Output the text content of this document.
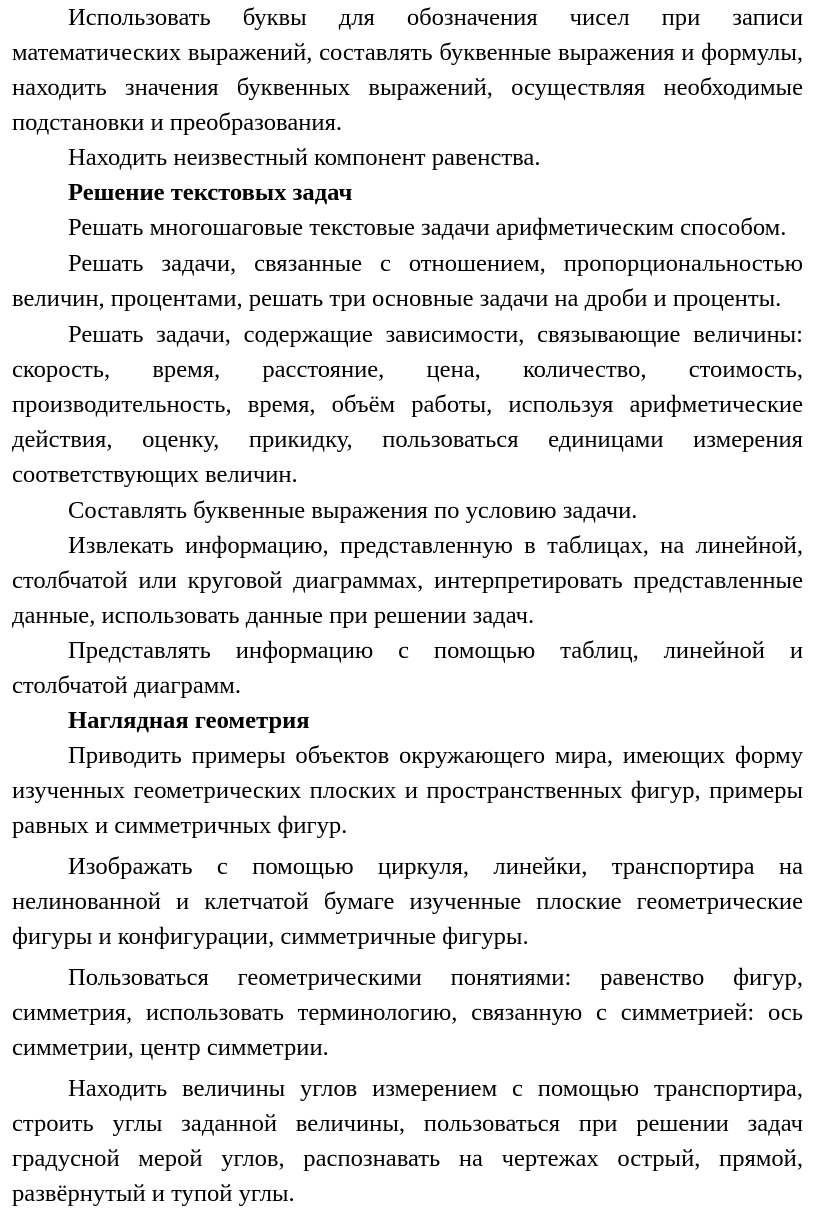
Использовать буквы для обозначения чисел при записи математических выражений, составлять буквенные выражения и формулы, находить значения буквенных выражений, осуществляя необходимые подстановки и преобразования.

Находить неизвестный компонент равенства.

Решение текстовых задач

Решать многошаговые текстовые задачи арифметическим способом.

Решать задачи, связанные с отношением, пропорциональностью величин, процентами, решать три основные задачи на дроби и проценты.

Решать задачи, содержащие зависимости, связывающие величины: скорость, время, расстояние, цена, количество, стоимость, производительность, время, объём работы, используя арифметические действия, оценку, прикидку, пользоваться единицами измерения соответствующих величин.

Составлять буквенные выражения по условию задачи.

Извлекать информацию, представленную в таблицах, на линейной, столбчатой или круговой диаграммах, интерпретировать представленные данные, использовать данные при решении задач.

Представлять информацию с помощью таблиц, линейной и столбчатой диаграмм.

Наглядная геометрия

Приводить примеры объектов окружающего мира, имеющих форму изученных геометрических плоских и пространственных фигур, примеры равных и симметричных фигур.

Изображать с помощью циркуля, линейки, транспортира на нелинованной и клетчатой бумаге изученные плоские геометрические фигуры и конфигурации, симметричные фигуры.

Пользоваться геометрическими понятиями: равенство фигур, симметрия, использовать терминологию, связанную с симметрией: ось симметрии, центр симметрии.

Находить величины углов измерением с помощью транспортира, строить углы заданной величины, пользоваться при решении задач градусной мерой углов, распознавать на чертежах острый, прямой, развёрнутый и тупой углы.
